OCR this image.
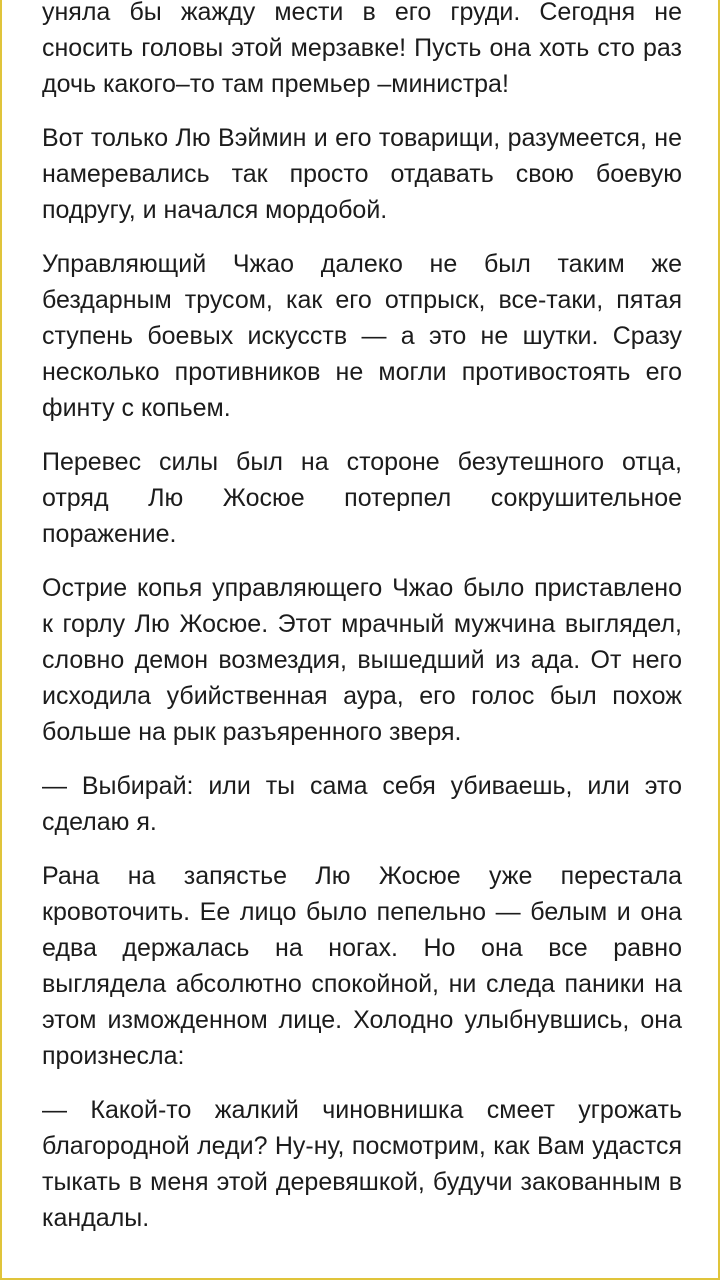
уняла бы жажду мести в его груди. Сегодня не сносить головы этой мерзавке! Пусть она хоть сто раз дочь какого–то там премьер –министра!

Вот только Лю Вэймин и его товарищи, разумеется, не намеревались так просто отдавать свою боевую подругу, и начался мордобой.

Управляющий Чжао далеко не был таким же бездарным трусом, как его отпрыск, все-таки, пятая ступень боевых искусств — а это не шутки. Сразу несколько противников не могли противостоять его финту с копьем.

Перевес силы был на стороне безутешного отца, отряд Лю Жосюе потерпел сокрушительное поражение.

Острие копья управляющего Чжао было приставлено к горлу Лю Жосюе. Этот мрачный мужчина выглядел, словно демон возмездия, вышедший из ада. От него исходила убийственная аура, его голос был похож больше на рык разъяренного зверя.

— Выбирай: или ты сама себя убиваешь, или это сделаю я.

Рана на запястье Лю Жосюе уже перестала кровоточить. Ее лицо было пепельно — белым и она едва держалась на ногах. Но она все равно выглядела абсолютно спокойной, ни следа паники на этом изможденном лице. Холодно улыбнувшись, она произнесла:

— Какой-то жалкий чиновнишка смеет угрожать благородной леди? Ну-ну, посмотрим, как Вам удастся тыкать в меня этой деревяшкой, будучи закованным в кандалы.
